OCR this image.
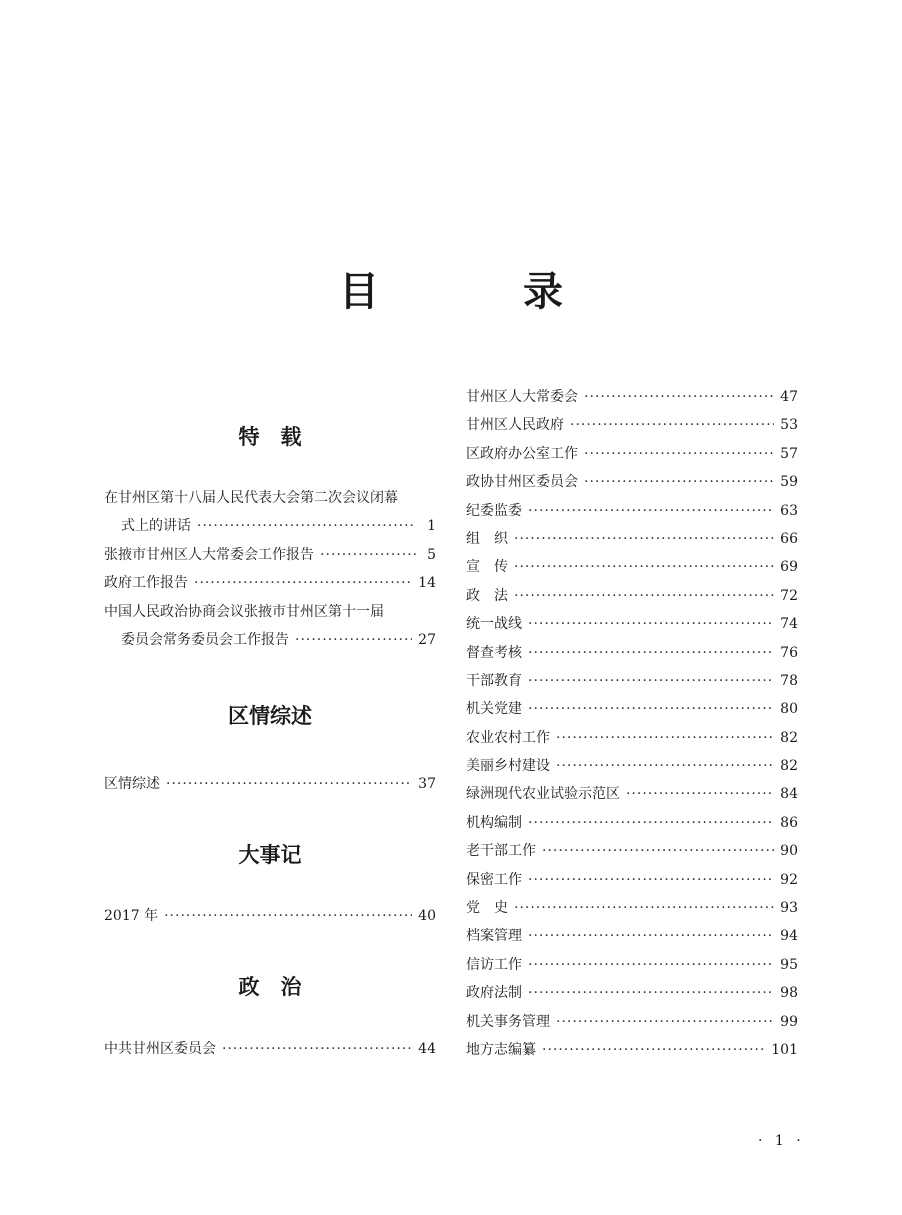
目　录
特　载
在甘州区第十八届人民代表大会第二次会议闭幕
式上的讲话 ·····	1
张掖市甘州区人大常委会工作报告 ·····	5
政府工作报告 ·····	14
中国人民政治协商会议张掖市甘州区第十一届
委员会常务委员会工作报告 ·····	27
区情综述
区情综述 ·····	37
大事记
2017 年 ·····	40
政　治
中共甘州区委员会 ·····	44
甘州区人大常委会 ·····	47
甘州区人民政府 ·····	53
区政府办公室工作 ·····	57
政协甘州区委员会 ·····	59
纪委监委 ·····	63
组　织 ·····	66
宣　传 ·····	69
政　法 ·····	72
统一战线 ·····	74
督查考核 ·····	76
干部教育 ·····	78
机关党建 ·····	80
农业农村工作 ·····	82
美丽乡村建设 ·····	82
绿洲现代农业试验示范区 ·····	84
机构编制 ·····	86
老干部工作 ·····	90
保密工作 ·····	92
党　史 ·····	93
档案管理 ·····	94
信访工作 ·····	95
政府法制 ·····	98
机关事务管理 ·····	99
地方志编纂 ·····	101
· 1 ·
